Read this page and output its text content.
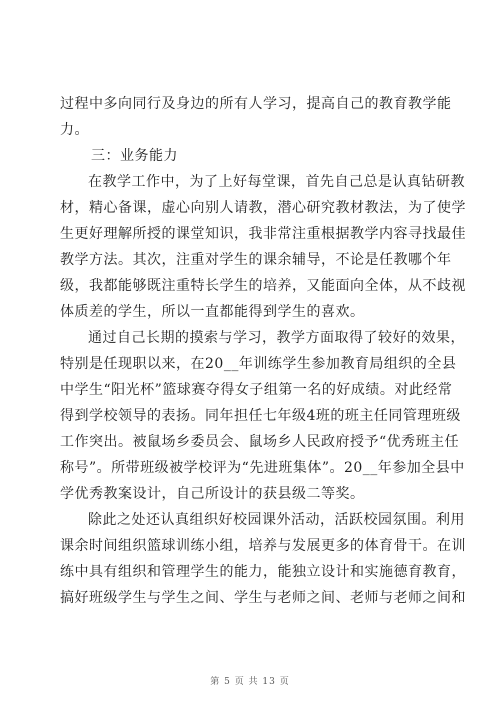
过程中多向同行及身边的所有人学习，提高自己的教育教学能
力。
三：业务能力
在教学工作中，为了上好每堂课，首先自己总是认真钻研教
材，精心备课，虚心向别人请教，潜心研究教材教法，为了使学
生更好理解所授的课堂知识，我非常注重根据教学内容寻找最佳
教学方法。其次，注重对学生的课余辅导，不论是任教哪个年
级，我都能够既注重特长学生的培养，又能面向全体，从不歧视
体质差的学生，所以一直都能得到学生的喜欢。
通过自己长期的摸索与学习，教学方面取得了较好的效果，
特别是任现职以来，在20__年训练学生参加教育局组织的全县
中学生“阳光杯”篮球赛夺得女子组第一名的好成绩。对此经常
得到学校领导的表扬。同年担任七年级4班的班主任同管理班级
工作突出。被鼠场乡委员会、鼠场乡人民政府授予“优秀班主任
称号”。所带班级被学校评为“先进班集体”。20__年参加全县中
学优秀教案设计，自己所设计的获县级二等奖。
除此之处还认真组织好校园课外活动，活跃校园氛围。利用
课余时间组织篮球训练小组，培养与发展更多的体育骨干。在训
练中具有组织和管理学生的能力，能独立设计和实施德育教育，
搞好班级学生与学生之间、学生与老师之间、老师与老师之间和
第 5 页 共 13 页
